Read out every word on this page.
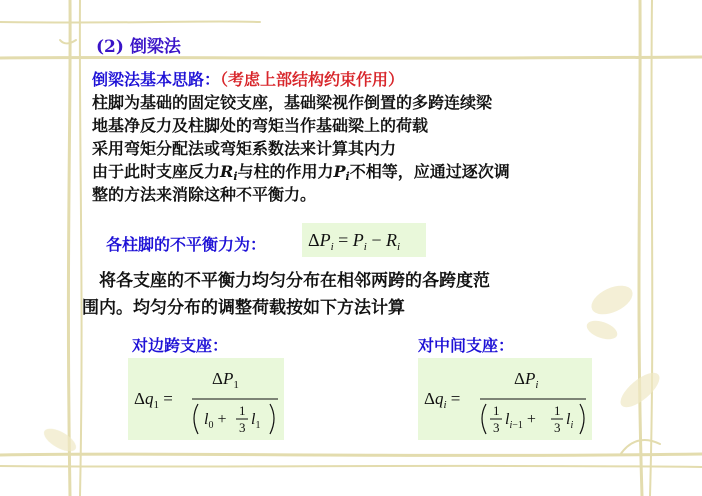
(2) 倒梁法
倒梁法基本思路：（考虑上部结构约束作用）
柱脚为基础的固定铰支座，基础梁视作倒置的多跨连续梁
地基净反力及柱脚处的弯矩当作基础梁上的荷载
采用弯矩分配法或弯矩系数法来计算其内力
由于此时支座反力$R_i$与柱的作用力$P_i$不相等，应通过逐次调
整的方法来消除这种不平衡力。
各柱脚的不平衡力为： $\Delta P_i = P_i - R_i$
　将各支座的不平衡力均匀分布在相邻两跨的各跨度范
围内。均匀分布的调整荷载按如下方法计算
对边跨支座：	对中间支座：
$\Delta q_1$ =
$\Delta P_1$
$l_0$ +
1
3 $l_1$
$\Delta q_i$ =
$\Delta P_i$
1
3 $l_i-1$ +
1
3 $l_i$
